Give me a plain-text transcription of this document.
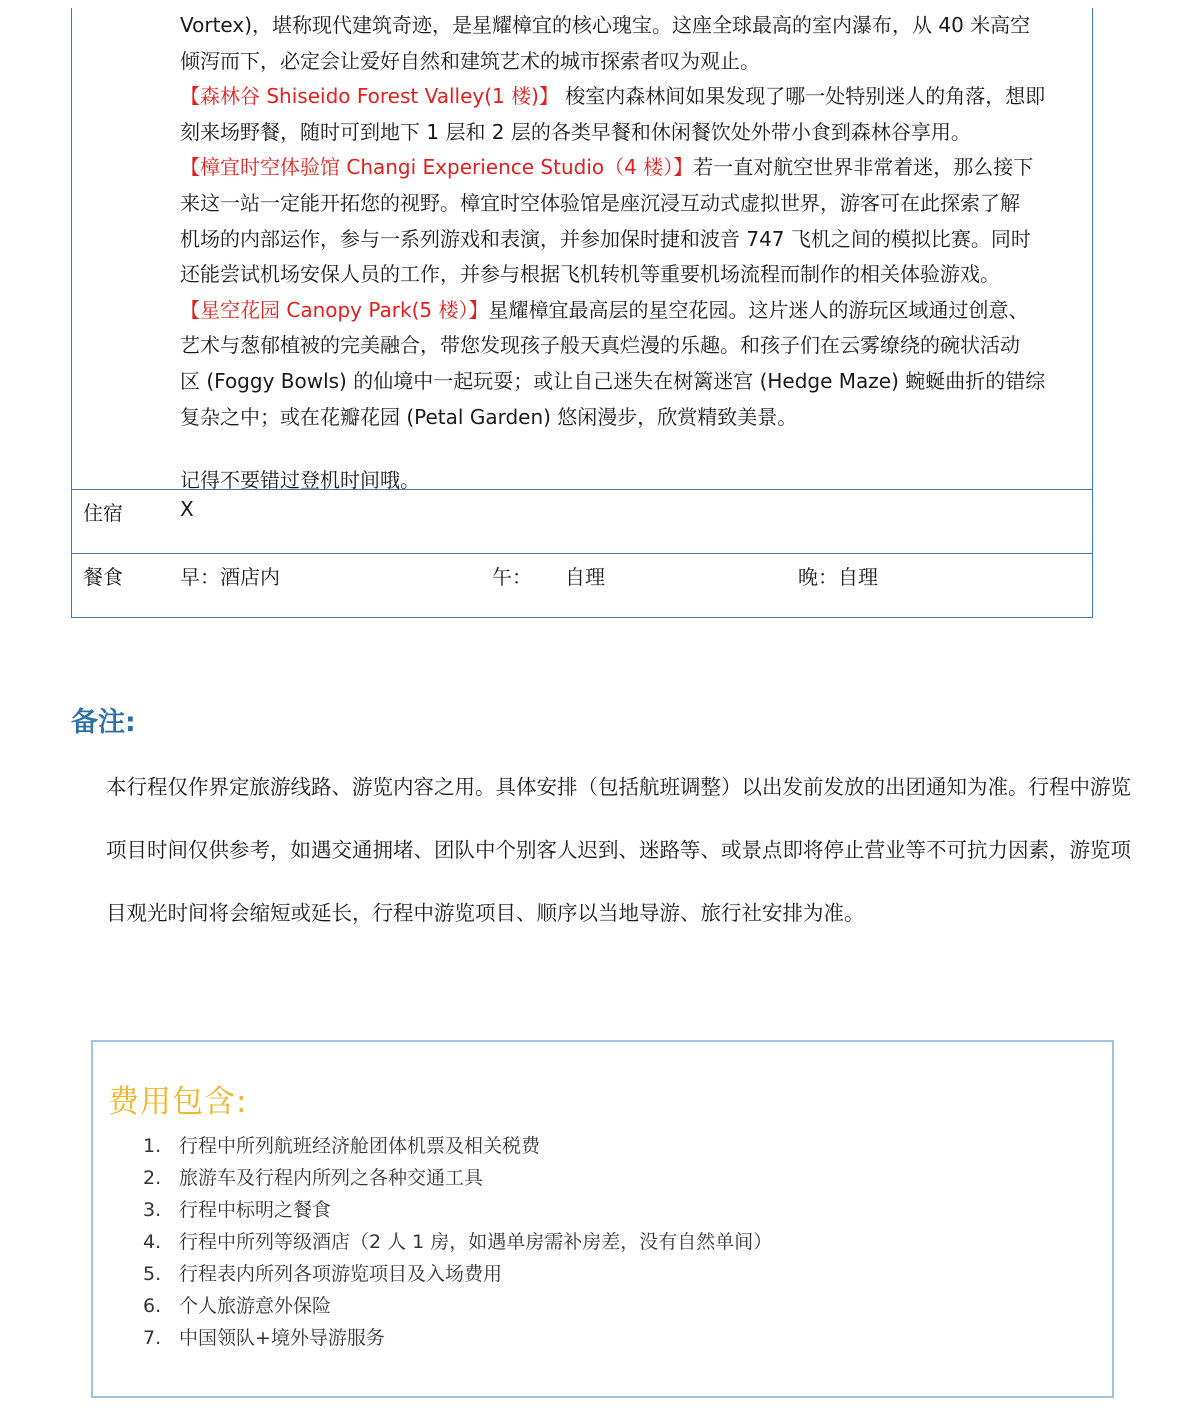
Vortex)，堪称现代建筑奇迹，是星耀樟宜的核心瑰宝。这座全球最高的室内瀑布，从 40 米高空

倾泻而下，必定会让爱好自然和建筑艺术的城市探索者叹为观止。

【森林谷 Shiseido Forest Valley(1 楼)】 梭室内森林间如果发现了哪一处特别迷人的角落，想即

刻来场野餐，随时可到地下 1 层和 2 层的各类早餐和休闲餐饮处外带小食到森林谷享用。

【樟宜时空体验馆 Changi Experience Studio（4 楼）】若一直对航空世界非常着迷，那么接下

来这一站一定能开拓您的视野。樟宜时空体验馆是座沉浸互动式虚拟世界，游客可在此探索了解

机场的内部运作，参与一系列游戏和表演，并参加保时捷和波音 747 飞机之间的模拟比赛。同时

还能尝试机场安保人员的工作，并参与根据飞机转机等重要机场流程而制作的相关体验游戏。

【星空花园 Canopy Park(5 楼）】星耀樟宜最高层的星空花园。这片迷人的游玩区域通过创意、

艺术与葱郁植被的完美融合，带您发现孩子般天真烂漫的乐趣。和孩子们在云雾缭绕的碗状活动

区 (Foggy Bowls) 的仙境中一起玩耍；或让自己迷失在树篱迷宫 (Hedge Maze) 蜿蜒曲折的错综

复杂之中；或在花瓣花园 (Petal Garden) 悠闲漫步，欣赏精致美景。

记得不要错过登机时间哦。

住宿	X
餐食	早：酒店内	午： 自理	晚：自理
备注:

本行程仅作界定旅游线路、游览内容之用。具体安排（包括航班调整）以出发前发放的出团通知为准。行程中游览项目时间仅供参考，如遇交通拥堵、团队中个别客人迟到、迷路等、或景点即将停止营业等不可抗力因素，游览项目观光时间将会缩短或延长，行程中游览项目、顺序以当地导游、旅行社安排为准。

费用包含:
1. 行程中所列航班经济舱团体机票及相关税费
2. 旅游车及行程内所列之各种交通工具
3. 行程中标明之餐食
4. 行程中所列等级酒店（2 人 1 房，如遇单房需补房差，没有自然单间）
5. 行程表内所列各项游览项目及入场费用
6. 个人旅游意外保险
7. 中国领队+境外导游服务
